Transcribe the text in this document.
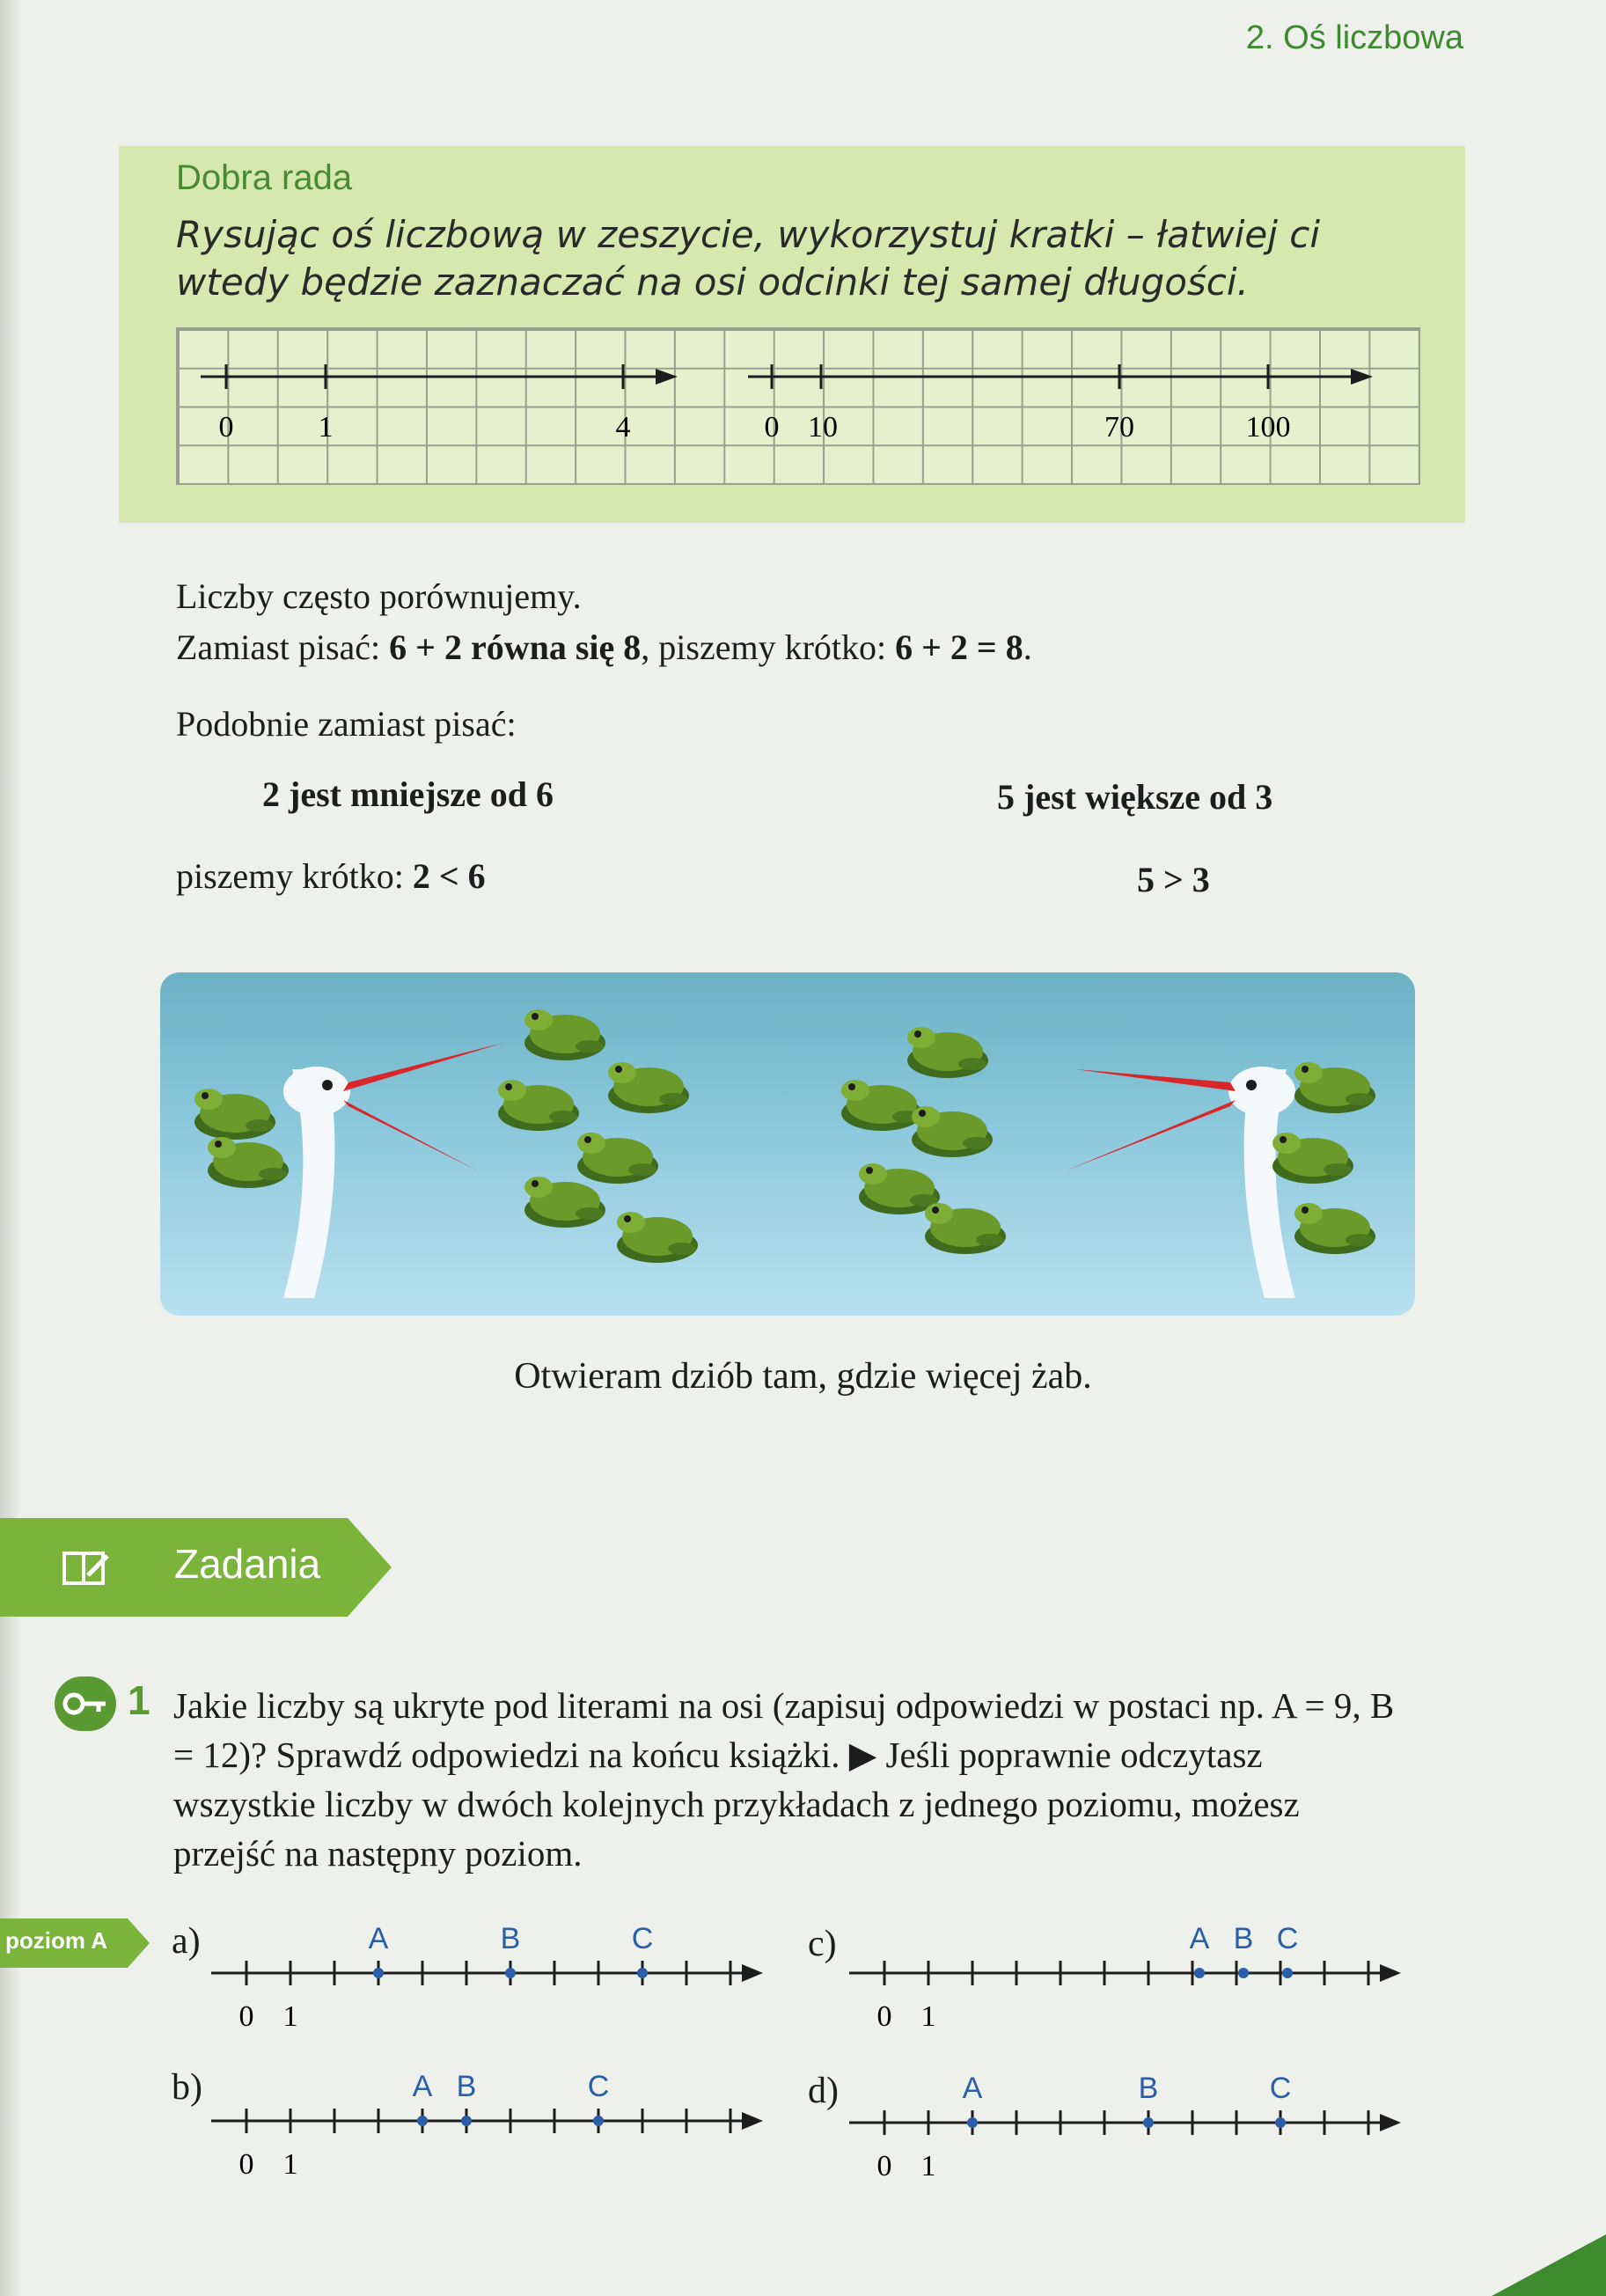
2. Oś liczbowa
Dobra rada
Rysując oś liczbową w zeszycie, wykorzystuj kratki – łatwiej ci wtedy będzie zaznaczać na osi odcinki tej samej długości.
0	1	4	0 10	70	100
Liczby często porównujemy.
Zamiast pisać: 6 + 2 równa się 8, piszemy krótko: 6 + 2 = 8.
Podobnie zamiast pisać:
2 jest mniejsze od 6	5 jest większe od 3
piszemy krótko: 2 < 6	5 > 3
Otwieram dziób tam, gdzie więcej żab.
Zadania
1 Jakie liczby są ukryte pod literami na osi (zapisuj odpowiedzi w postaci np. A = 9, B = 12)? Sprawdź odpowiedzi na końcu książki. ▶ Jeśli poprawnie odczytasz wszystkie liczby w dwóch kolejnych przykładach z jednego poziomu, możesz przejść na następny poziom.
poziom A a)	A	B	C
0 1
b)	A B	C
0 1
c)	A B C
0 1
d)	A	B	C
0 1
